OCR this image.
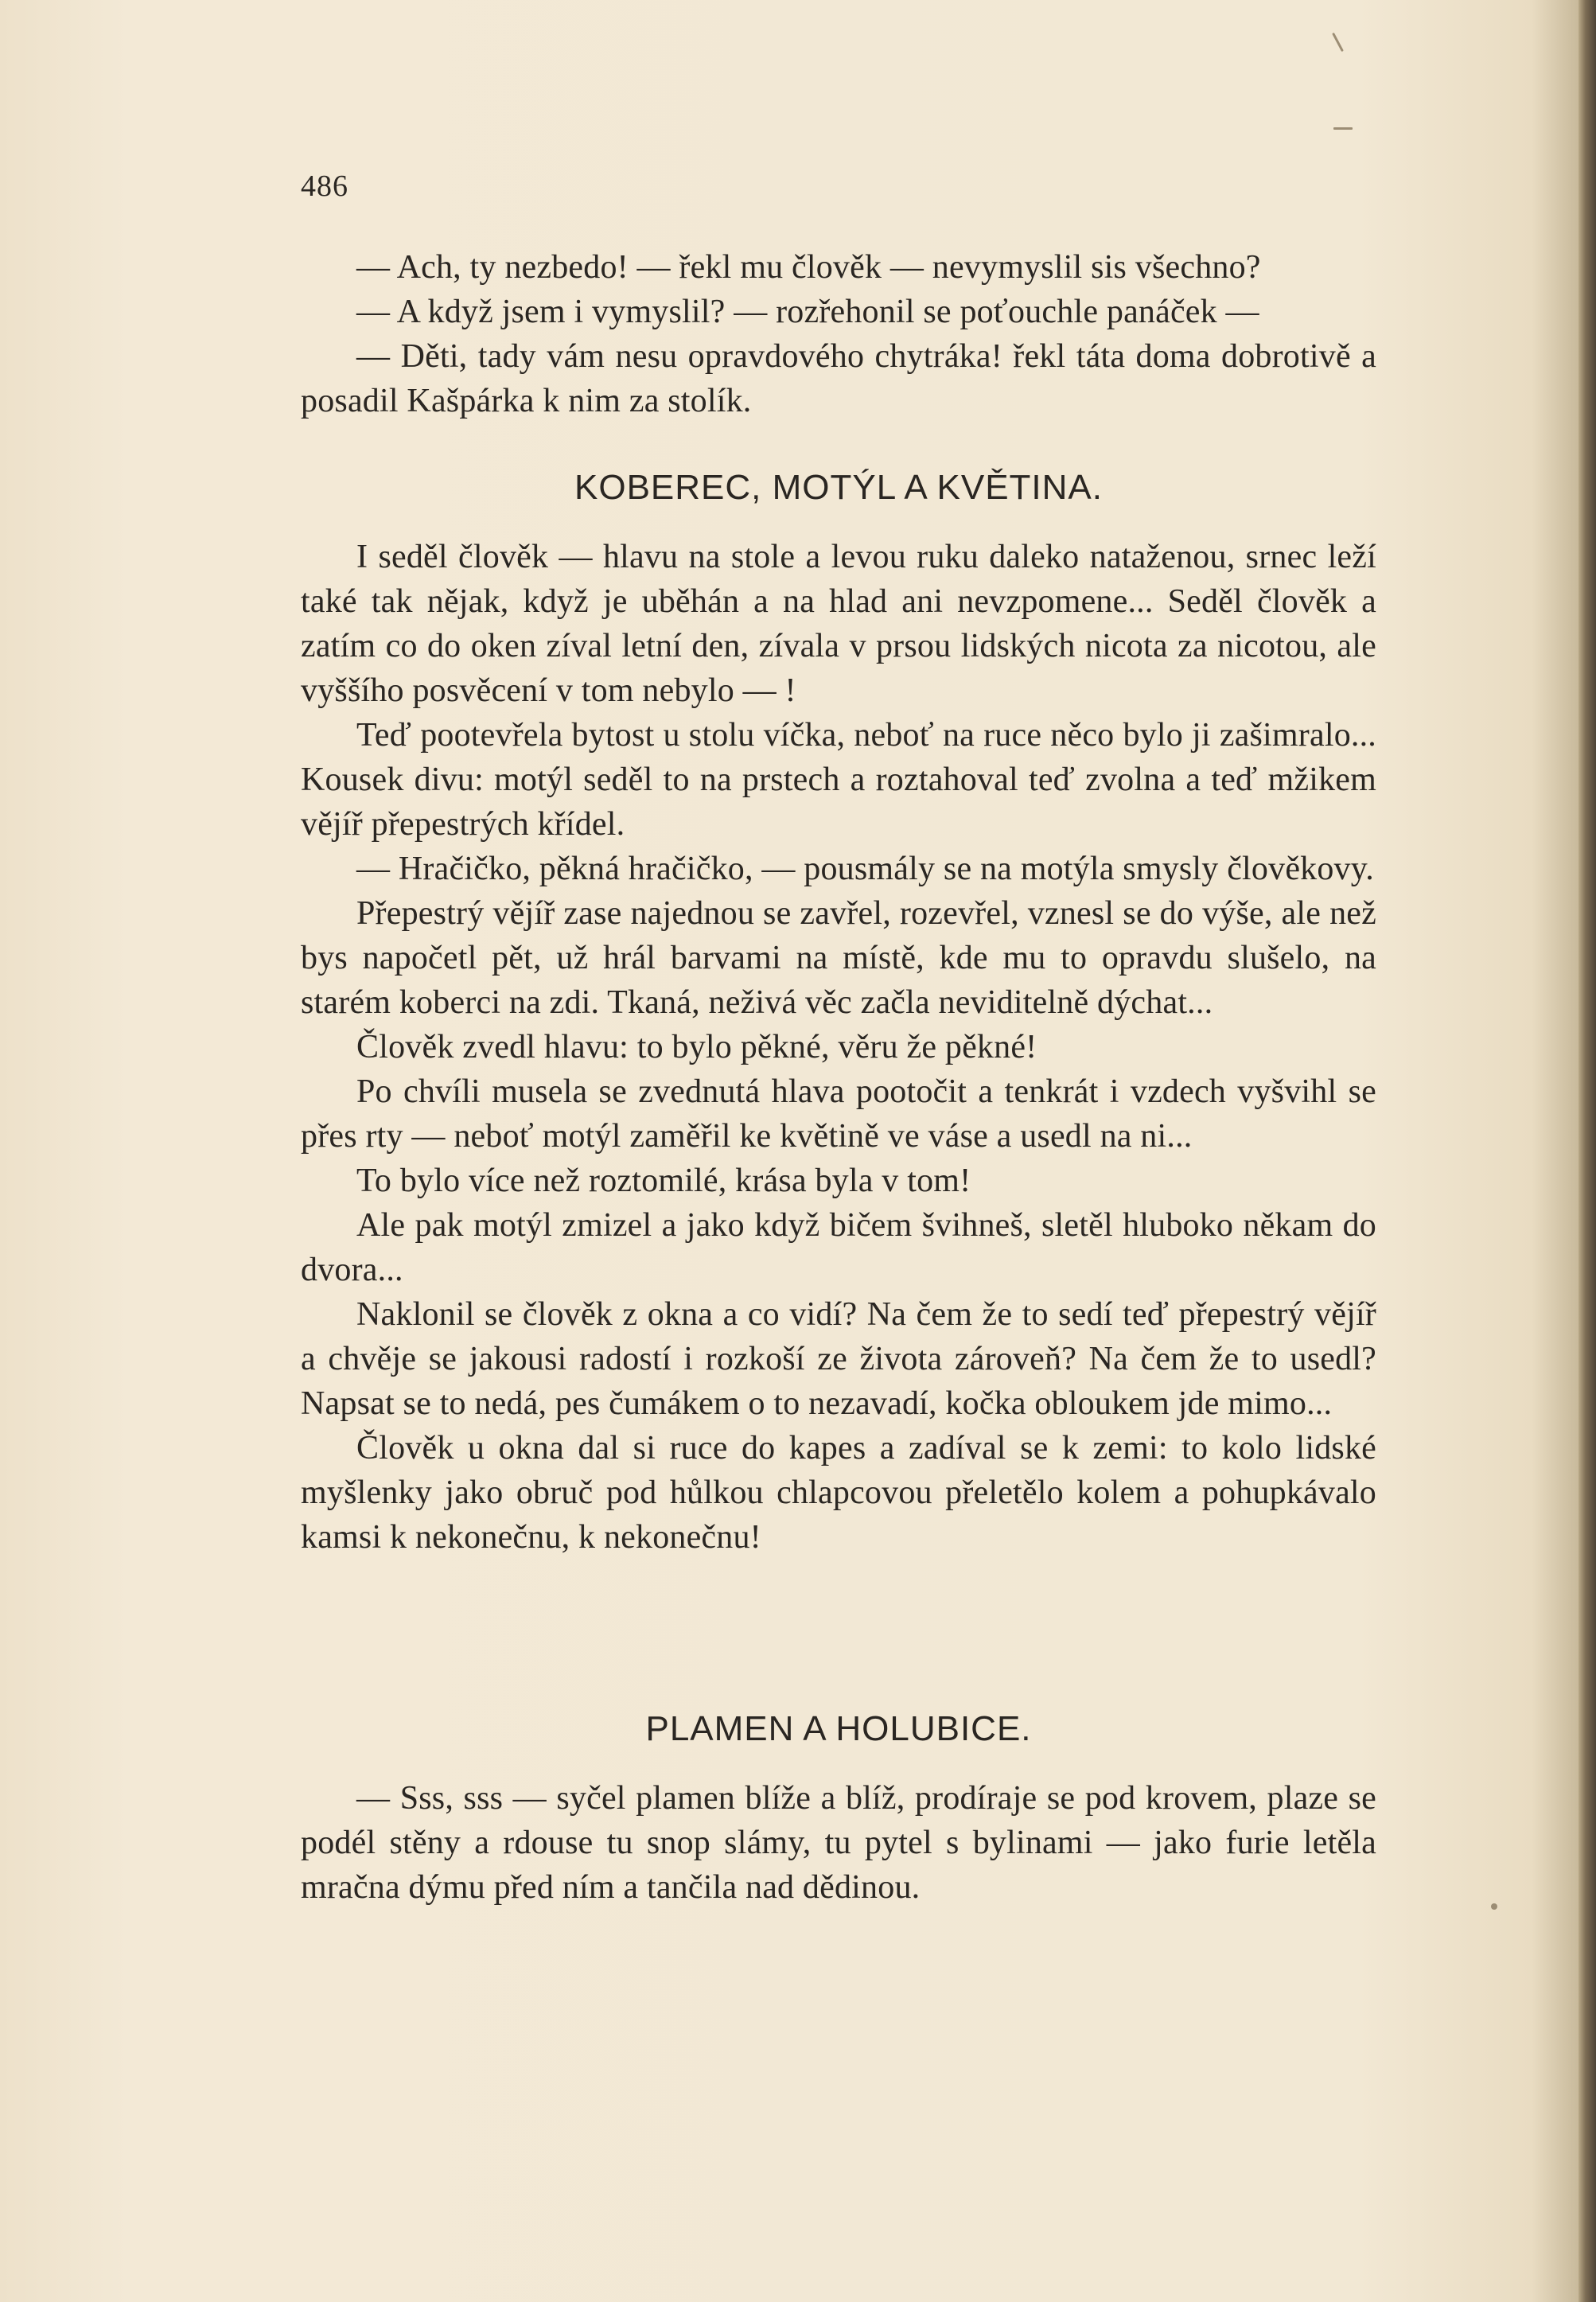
486

— Ach, ty nezbedo! — řekl mu člověk — nevymyslil sis všechno?

— A když jsem i vymyslil? — rozřehonil se poťouchle panáček —

— Děti, tady vám nesu opravdového chytráka! řekl táta doma dobrotivě a posadil Kašpárka k nim za stolík.

KOBEREC, MOTÝL A KVĚTINA.

I seděl člověk — hlavu na stole a levou ruku daleko nataženou, srnec leží také tak nějak, když je uběhán a na hlad ani nevzpomene... Seděl člověk a zatím co do oken zíval letní den, zívala v prsou lidských nicota za nicotou, ale vyššího posvěcení v tom nebylo — !

Teď pootevřela bytost u stolu víčka, neboť na ruce něco bylo ji zašimralo... Kousek divu: motýl seděl to na prstech a roztahoval teď zvolna a teď mžikem vějíř přepestrých křídel.

— Hračičko, pěkná hračičko, — pousmály se na motýla smysly člověkovy.

Přepestrý vějíř zase najednou se zavřel, rozevřel, vznesl se do výše, ale než bys napočetl pět, už hrál barvami na místě, kde mu to opravdu slušelo, na starém koberci na zdi. Tkaná, neživá věc začla neviditelně dýchat...

Člověk zvedl hlavu: to bylo pěkné, věru že pěkné!

Po chvíli musela se zvednutá hlava pootočit a tenkrát i vzdech vyšvihl se přes rty — neboť motýl zaměřil ke květině ve váse a usedl na ni...

To bylo více než roztomilé, krása byla v tom!

Ale pak motýl zmizel a jako když bičem švihneš, sletěl hluboko někam do dvora...

Naklonil se člověk z okna a co vidí? Na čem že to sedí teď přepestrý vějíř a chvěje se jakousi radostí i rozkoší ze života zároveň? Na čem že to usedl? Napsat se to nedá, pes čumákem o to nezavadí, kočka obloukem jde mimo...

Člověk u okna dal si ruce do kapes a zadíval se k zemi: to kolo lidské myšlenky jako obruč pod hůlkou chlapcovou přeletělo kolem a pohupkávalo kamsi k nekonečnu, k nekonečnu!

PLAMEN A HOLUBICE.

— Sss, sss — syčel plamen blíže a blíž, prodíraje se pod krovem, plaze se podél stěny a rdouse tu snop slámy, tu pytel s bylinami — jako furie letěla mračna dýmu před ním a tančila nad dědinou.
